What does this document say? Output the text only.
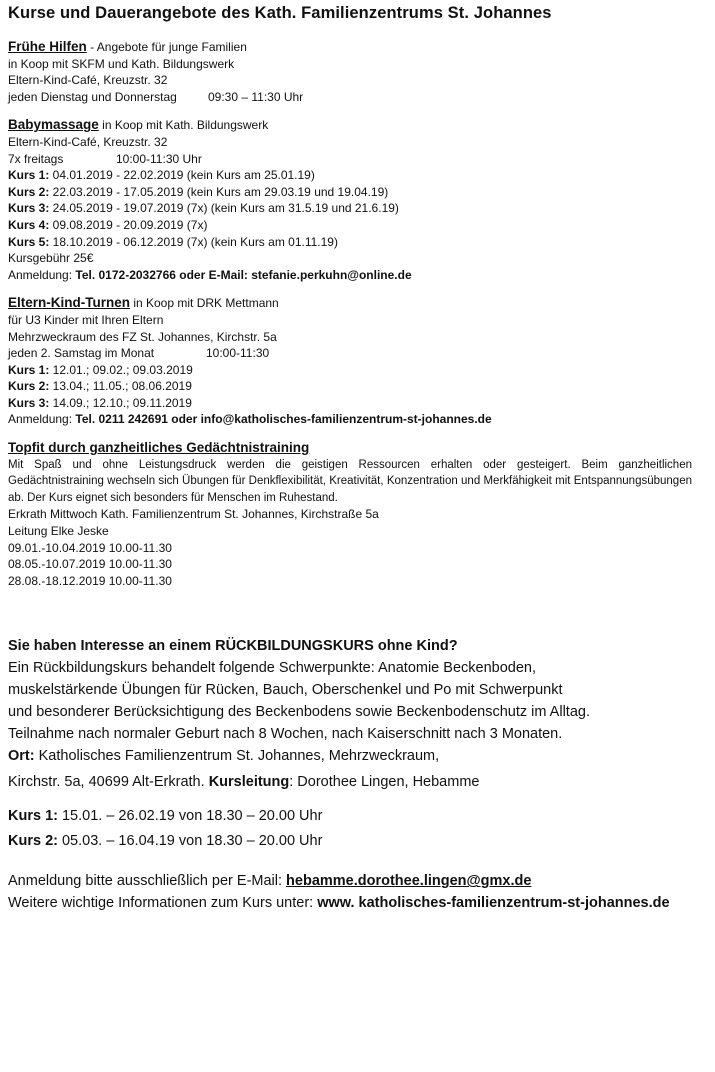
Kurse und Dauerangebote des Kath. Familienzentrums St. Johannes
Frühe Hilfen - Angebote für junge Familien
in Koop mit SKFM und Kath. Bildungswerk
Eltern-Kind-Café, Kreuzstr. 32
jeden Dienstag und Donnerstag	09:30 – 11:30 Uhr
Babymassage in Koop mit Kath. Bildungswerk
Eltern-Kind-Café, Kreuzstr. 32
7x freitags	10:00-11:30 Uhr
Kurs 1: 04.01.2019 - 22.02.2019 (kein Kurs am 25.01.19)
Kurs 2: 22.03.2019 - 17.05.2019 (kein Kurs am 29.03.19 und 19.04.19)
Kurs 3: 24.05.2019 - 19.07.2019 (7x) (kein Kurs am 31.5.19 und 21.6.19)
Kurs 4: 09.08.2019 - 20.09.2019 (7x)
Kurs 5: 18.10.2019 - 06.12.2019 (7x) (kein Kurs am 01.11.19)
Kursgebühr 25€
Anmeldung: Tel. 0172-2032766 oder E-Mail: stefanie.perkuhn@online.de
Eltern-Kind-Turnen in Koop mit DRK Mettmann
für U3 Kinder mit Ihren Eltern
Mehrzweckraum des FZ St. Johannes, Kirchstr. 5a
jeden 2. Samstag im Monat	10:00-11:30
Kurs 1: 12.01.; 09.02.; 09.03.2019
Kurs 2: 13.04.; 11.05.; 08.06.2019
Kurs 3: 14.09.; 12.10.; 09.11.2019
Anmeldung: Tel. 0211 242691 oder info@katholisches-familienzentrum-st-johannes.de
Topfit durch ganzheitliches Gedächtnistraining
Mit Spaß und ohne Leistungsdruck werden die geistigen Ressourcen erhalten oder gesteigert. Beim ganzheitlichen Gedächtnistraining wechseln sich Übungen für Denkflexibilität, Kreativität, Konzentration und Merkfähigkeit mit Entspannungsübungen ab. Der Kurs eignet sich besonders für Menschen im Ruhestand.
Erkrath Mittwoch Kath. Familienzentrum St. Johannes, Kirchstraße 5a
Leitung Elke Jeske
09.01.-10.04.2019 10.00-11.30
08.05.-10.07.2019 10.00-11.30
28.08.-18.12.2019 10.00-11.30
Sie haben Interesse an einem RÜCKBILDUNGSKURS ohne Kind?
Ein Rückbildungskurs behandelt folgende Schwerpunkte: Anatomie Beckenboden,
muskelstärkende Übungen für Rücken, Bauch, Oberschenkel und Po mit Schwerpunkt
und besonderer Berücksichtigung des Beckenbodens sowie Beckenbodenschutz im Alltag.
Teilnahme nach normaler Geburt nach 8 Wochen, nach Kaiserschnitt nach 3 Monaten.
Ort: Katholisches Familienzentrum St. Johannes, Mehrzweckraum,
Kirchstr. 5a, 40699 Alt-Erkrath. Kursleitung: Dorothee Lingen, Hebamme
Kurs 1: 15.01. – 26.02.19 von 18.30 – 20.00 Uhr
Kurs 2: 05.03. – 16.04.19 von 18.30 – 20.00 Uhr
Anmeldung bitte ausschließlich per E-Mail: hebamme.dorothee.lingen@gmx.de
Weitere wichtige Informationen zum Kurs unter: www. katholisches-familienzentrum-st-johannes.de
